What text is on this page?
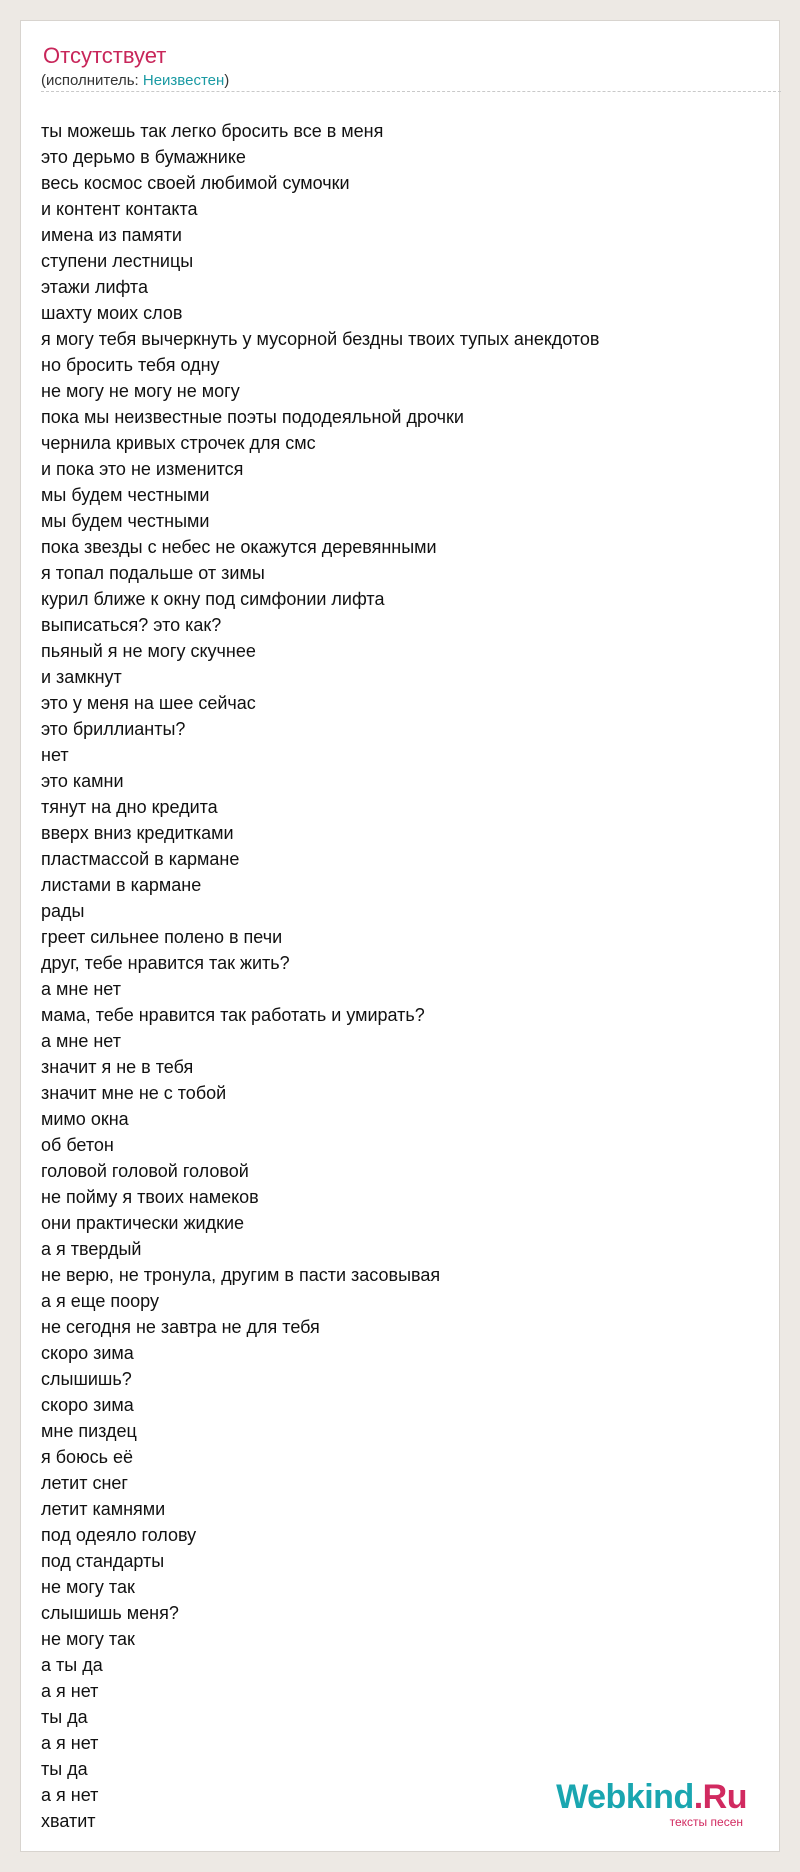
Отсутствует
(исполнитель: Неизвестен)
ты можешь так легко бросить все в меня
это дерьмо в бумажнике
весь космос своей любимой сумочки
и контент контакта
имена из памяти
ступени лестницы
этажи лифта
шахту моих слов
я могу тебя вычеркнуть у мусорной бездны твоих тупых анекдотов
но бросить тебя одну
не могу не могу не могу
пока мы неизвестные поэты пододеяльной дрочки
чернила кривых строчек для смс
и пока это не изменится
мы будем честными
мы будем честными
пока звезды с небес не окажутся деревянными
я топал подальше от зимы
курил ближе к окну под симфонии лифта
выписаться? это как?
пьяный я не могу скучнее
и замкнут
это у меня на шее сейчас
это бриллианты?
нет
это камни
тянут на дно кредита
вверх вниз кредитками
пластмассой в кармане
листами в кармане
рады
греет сильнее полено в печи
друг, тебе нравится так жить?
а мне нет
мама, тебе нравится так работать и умирать?
а мне нет
значит я не в тебя
значит мне не с тобой
мимо окна
об бетон
головой головой головой
не пойму я твоих намеков
они практически жидкие
а я твердый
не верю, не тронула, другим в пасти засовывая
а я еще поору
не сегодня не завтра не для тебя
скоро зима
слышишь?
скоро зима
мне пиздец
я боюсь её
летит снег
летит камнями
под одеяло голову
под стандарты
не могу так
слышишь меня?
не могу так
а ты да
а я нет
ты да
а я нет
ты да
а я нет
хватит
Webkind.Ru
тексты песен
